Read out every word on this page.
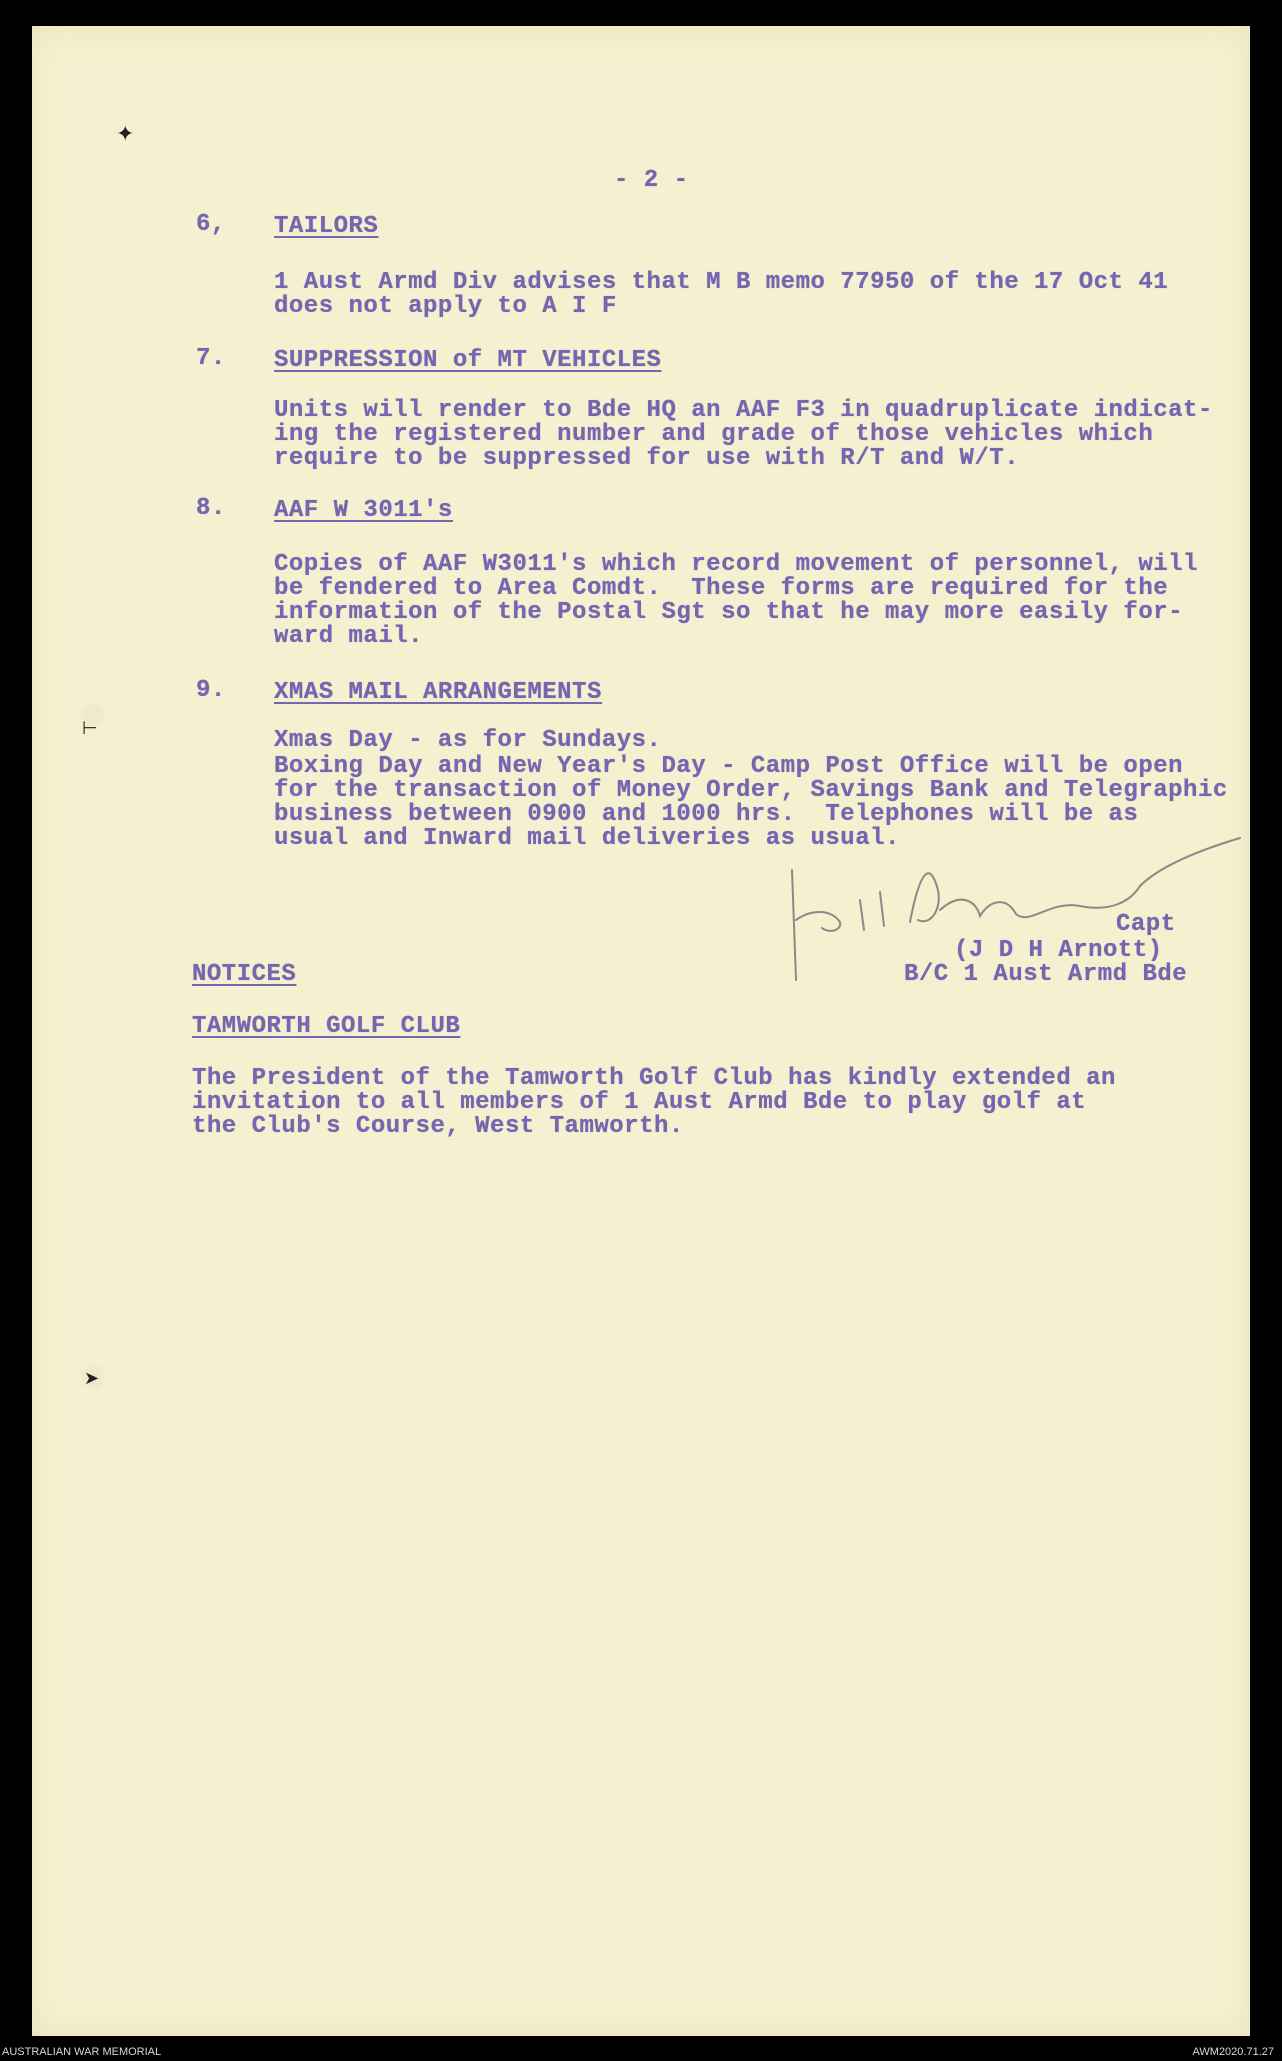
✦
⊢
➤
- 2 -
6, TAILORS
1 Aust Armd Div advises that M B memo 77950 of the 17 Oct 41
does not apply to A I F
7. SUPPRESSION of MT VEHICLES
Units will render to Bde HQ an AAF F3 in quadruplicate indicat-
ing the registered number and grade of those vehicles which
require to be suppressed for use with R/T and W/T.
8. AAF W 3011's
Copies of AAF W3011's which record movement of personnel, will
be fendered to Area Comdt.  These forms are required for the
information of the Postal Sgt so that he may more easily for-
ward mail.
9. XMAS MAIL ARRANGEMENTS
Xmas Day - as for Sundays.
Boxing Day and New Year's Day - Camp Post Office will be open
for the transaction of Money Order, Savings Bank and Telegraphic
business between 0900 and 1000 hrs.  Telephones will be as
usual and Inward mail deliveries as usual.
Capt
(J D H Arnott)
B/C 1 Aust Armd Bde
NOTICES
TAMWORTH GOLF CLUB
The President of the Tamworth Golf Club has kindly extended an
invitation to all members of 1 Aust Armd Bde to play golf at
the Club's Course, West Tamworth.
AUSTRALIAN WAR MEMORIAL	AWM2020.71.27
